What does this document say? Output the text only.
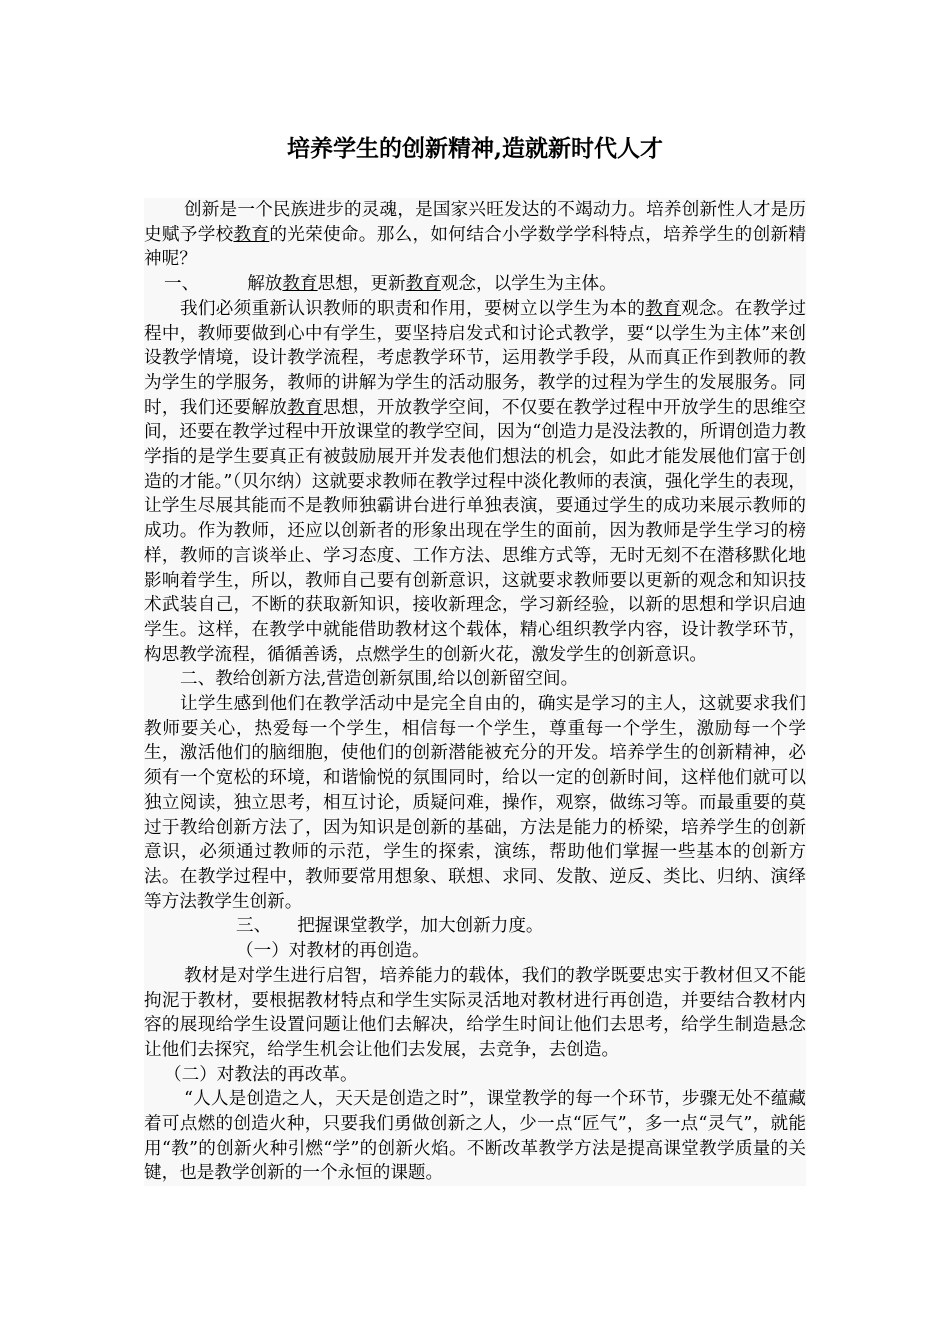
培养学生的创新精神,造就新时代人才

创新是一个民族进步的灵魂，是国家兴旺发达的不竭动力。培养创新性人才是历史赋予学校教育的光荣使命。那么，如何结合小学数学学科特点，培养学生的创新精神呢？

一、	解放教育思想，更新教育观念，以学生为主体。

我们必须重新认识教师的职责和作用，要树立以学生为本的教育观念。在教学过程中，教师要做到心中有学生，要坚持启发式和讨论式教学，要“以学生为主体”来创设教学情境，设计教学流程，考虑教学环节，运用教学手段，从而真正作到教师的教为学生的学服务，教师的讲解为学生的活动服务，教学的过程为学生的发展服务。同时，我们还要解放教育思想，开放教学空间，不仅要在教学过程中开放学生的思维空间，还要在教学过程中开放课堂的教学空间，因为“创造力是没法教的，所谓创造力教学指的是学生要真正有被鼓励展开并发表他们想法的机会，如此才能发展他们富于创造的才能。”（贝尔纳）这就要求教师在教学过程中淡化教师的表演，强化学生的表现，让学生尽展其能而不是教师独霸讲台进行单独表演，要通过学生的成功来展示教师的成功。作为教师，还应以创新者的形象出现在学生的面前，因为教师是学生学习的榜样，教师的言谈举止、学习态度、工作方法、思维方式等，无时无刻不在潜移默化地影响着学生，所以，教师自己要有创新意识，这就要求教师要以更新的观念和知识技术武装自己，不断的获取新知识，接收新理念，学习新经验，以新的思想和学识启迪学生。这样，在教学中就能借助教材这个载体，精心组织教学内容，设计教学环节，构思教学流程，循循善诱，点燃学生的创新火花，激发学生的创新意识。

二、教给创新方法,营造创新氛围,给以创新留空间。

让学生感到他们在教学活动中是完全自由的，确实是学习的主人，这就要求我们教师要关心，热爱每一个学生，相信每一个学生，尊重每一个学生，激励每一个学生，激活他们的脑细胞，使他们的创新潜能被充分的开发。培养学生的创新精神，必须有一个宽松的环境，和谐愉悦的氛围同时，给以一定的创新时间，这样他们就可以独立阅读，独立思考，相互讨论，质疑问难，操作，观察，做练习等。而最重要的莫过于教给创新方法了，因为知识是创新的基础，方法是能力的桥梁，培养学生的创新意识，必须通过教师的示范，学生的探索，演练，帮助他们掌握一些基本的创新方法。在教学过程中，教师要常用想象、联想、求同、发散、逆反、类比、归纳、演绎等方法教学生创新。

三、 把握课堂教学，加大创新力度。

（一）对教材的再创造。

教材是对学生进行启智，培养能力的载体，我们的教学既要忠实于教材但又不能拘泥于教材，要根据教材特点和学生实际灵活地对教材进行再创造，并要结合教材内容的展现给学生设置问题让他们去解决，给学生时间让他们去思考，给学生制造悬念让他们去探究，给学生机会让他们去发展，去竞争，去创造。

（二）对教法的再改革。

“人人是创造之人，天天是创造之时”，课堂教学的每一个环节，步骤无处不蕴藏着可点燃的创造火种，只要我们勇做创新之人，少一点“匠气”，多一点“灵气”，就能用“教”的创新火种引燃“学”的创新火焰。不断改革教学方法是提高课堂教学质量的关键，也是教学创新的一个永恒的课题。
